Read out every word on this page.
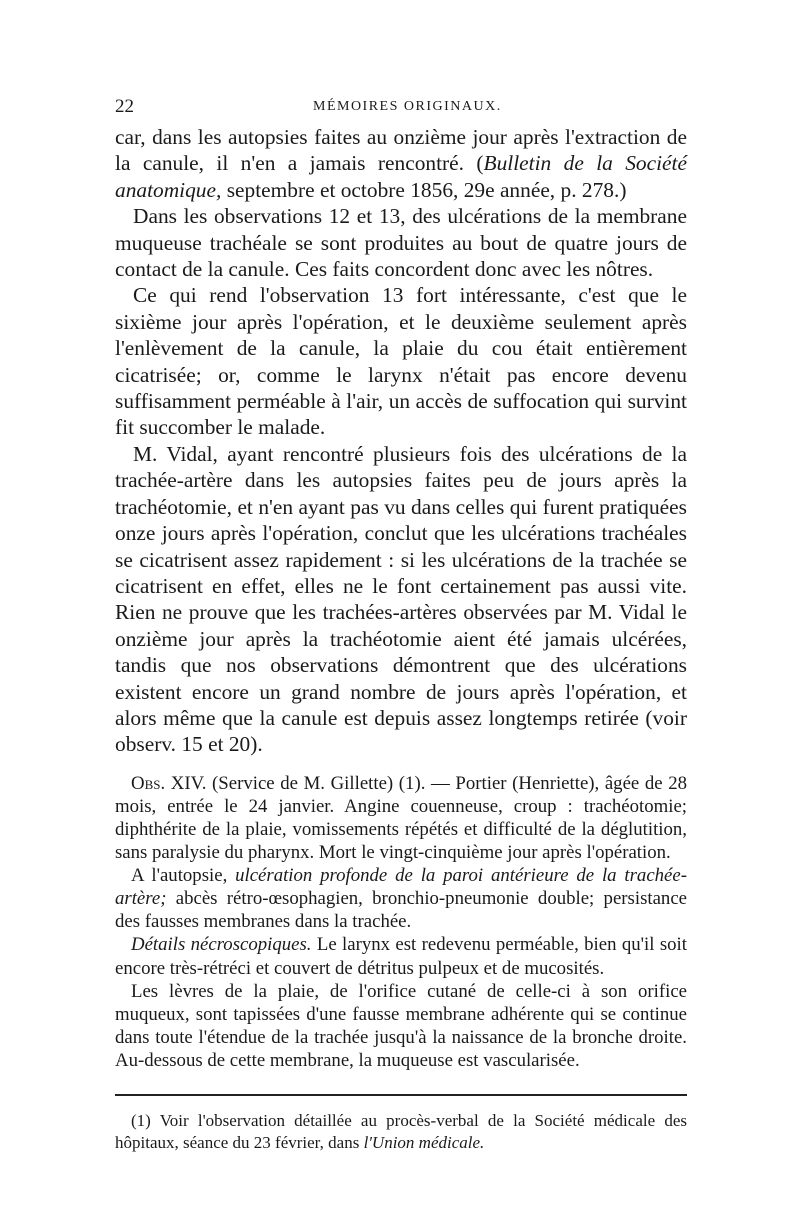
22	MÉMOIRES ORIGINAUX.

car, dans les autopsies faites au onzième jour après l'extraction de la canule, il n'en a jamais rencontré. (Bulletin de la Société anatomique, septembre et octobre 1856, 29e année, p. 278.)

Dans les observations 12 et 13, des ulcérations de la membrane muqueuse trachéale se sont produites au bout de quatre jours de contact de la canule. Ces faits concordent donc avec les nôtres.

Ce qui rend l'observation 13 fort intéressante, c'est que le sixième jour après l'opération, et le deuxième seulement après l'enlèvement de la canule, la plaie du cou était entièrement cicatrisée; or, comme le larynx n'était pas encore devenu suffisamment perméable à l'air, un accès de suffocation qui survint fit succomber le malade.

M. Vidal, ayant rencontré plusieurs fois des ulcérations de la trachée-artère dans les autopsies faites peu de jours après la trachéotomie, et n'en ayant pas vu dans celles qui furent pratiquées onze jours après l'opération, conclut que les ulcérations trachéales se cicatrisent assez rapidement : si les ulcérations de la trachée se cicatrisent en effet, elles ne le font certainement pas aussi vite. Rien ne prouve que les trachées-artères observées par M. Vidal le onzième jour après la trachéotomie aient été jamais ulcérées, tandis que nos observations démontrent que des ulcérations existent encore un grand nombre de jours après l'opération, et alors même que la canule est depuis assez longtemps retirée (voir observ. 15 et 20).

Obs. XIV. (Service de M. Gillette) (1). — Portier (Henriette), âgée de 28 mois, entrée le 24 janvier. Angine couenneuse, croup : trachéotomie; diphthérite de la plaie, vomissements répétés et difficulté de la déglutition, sans paralysie du pharynx. Mort le vingt-cinquième jour après l'opération.

A l'autopsie, ulcération profonde de la paroi antérieure de la trachée-artère; abcès rétro-œsophagien, bronchio-pneumonie double; persistance des fausses membranes dans la trachée.

Détails nécroscopiques. Le larynx est redevenu perméable, bien qu'il soit encore très-rétréci et couvert de détritus pulpeux et de mucosités.

Les lèvres de la plaie, de l'orifice cutané de celle-ci à son orifice muqueux, sont tapissées d'une fausse membrane adhérente qui se continue dans toute l'étendue de la trachée jusqu'à la naissance de la bronche droite. Au-dessous de cette membrane, la muqueuse est vascularisée.

(1) Voir l'observation détaillée au procès-verbal de la Société médicale des hôpitaux, séance du 23 février, dans l'Union médicale.
